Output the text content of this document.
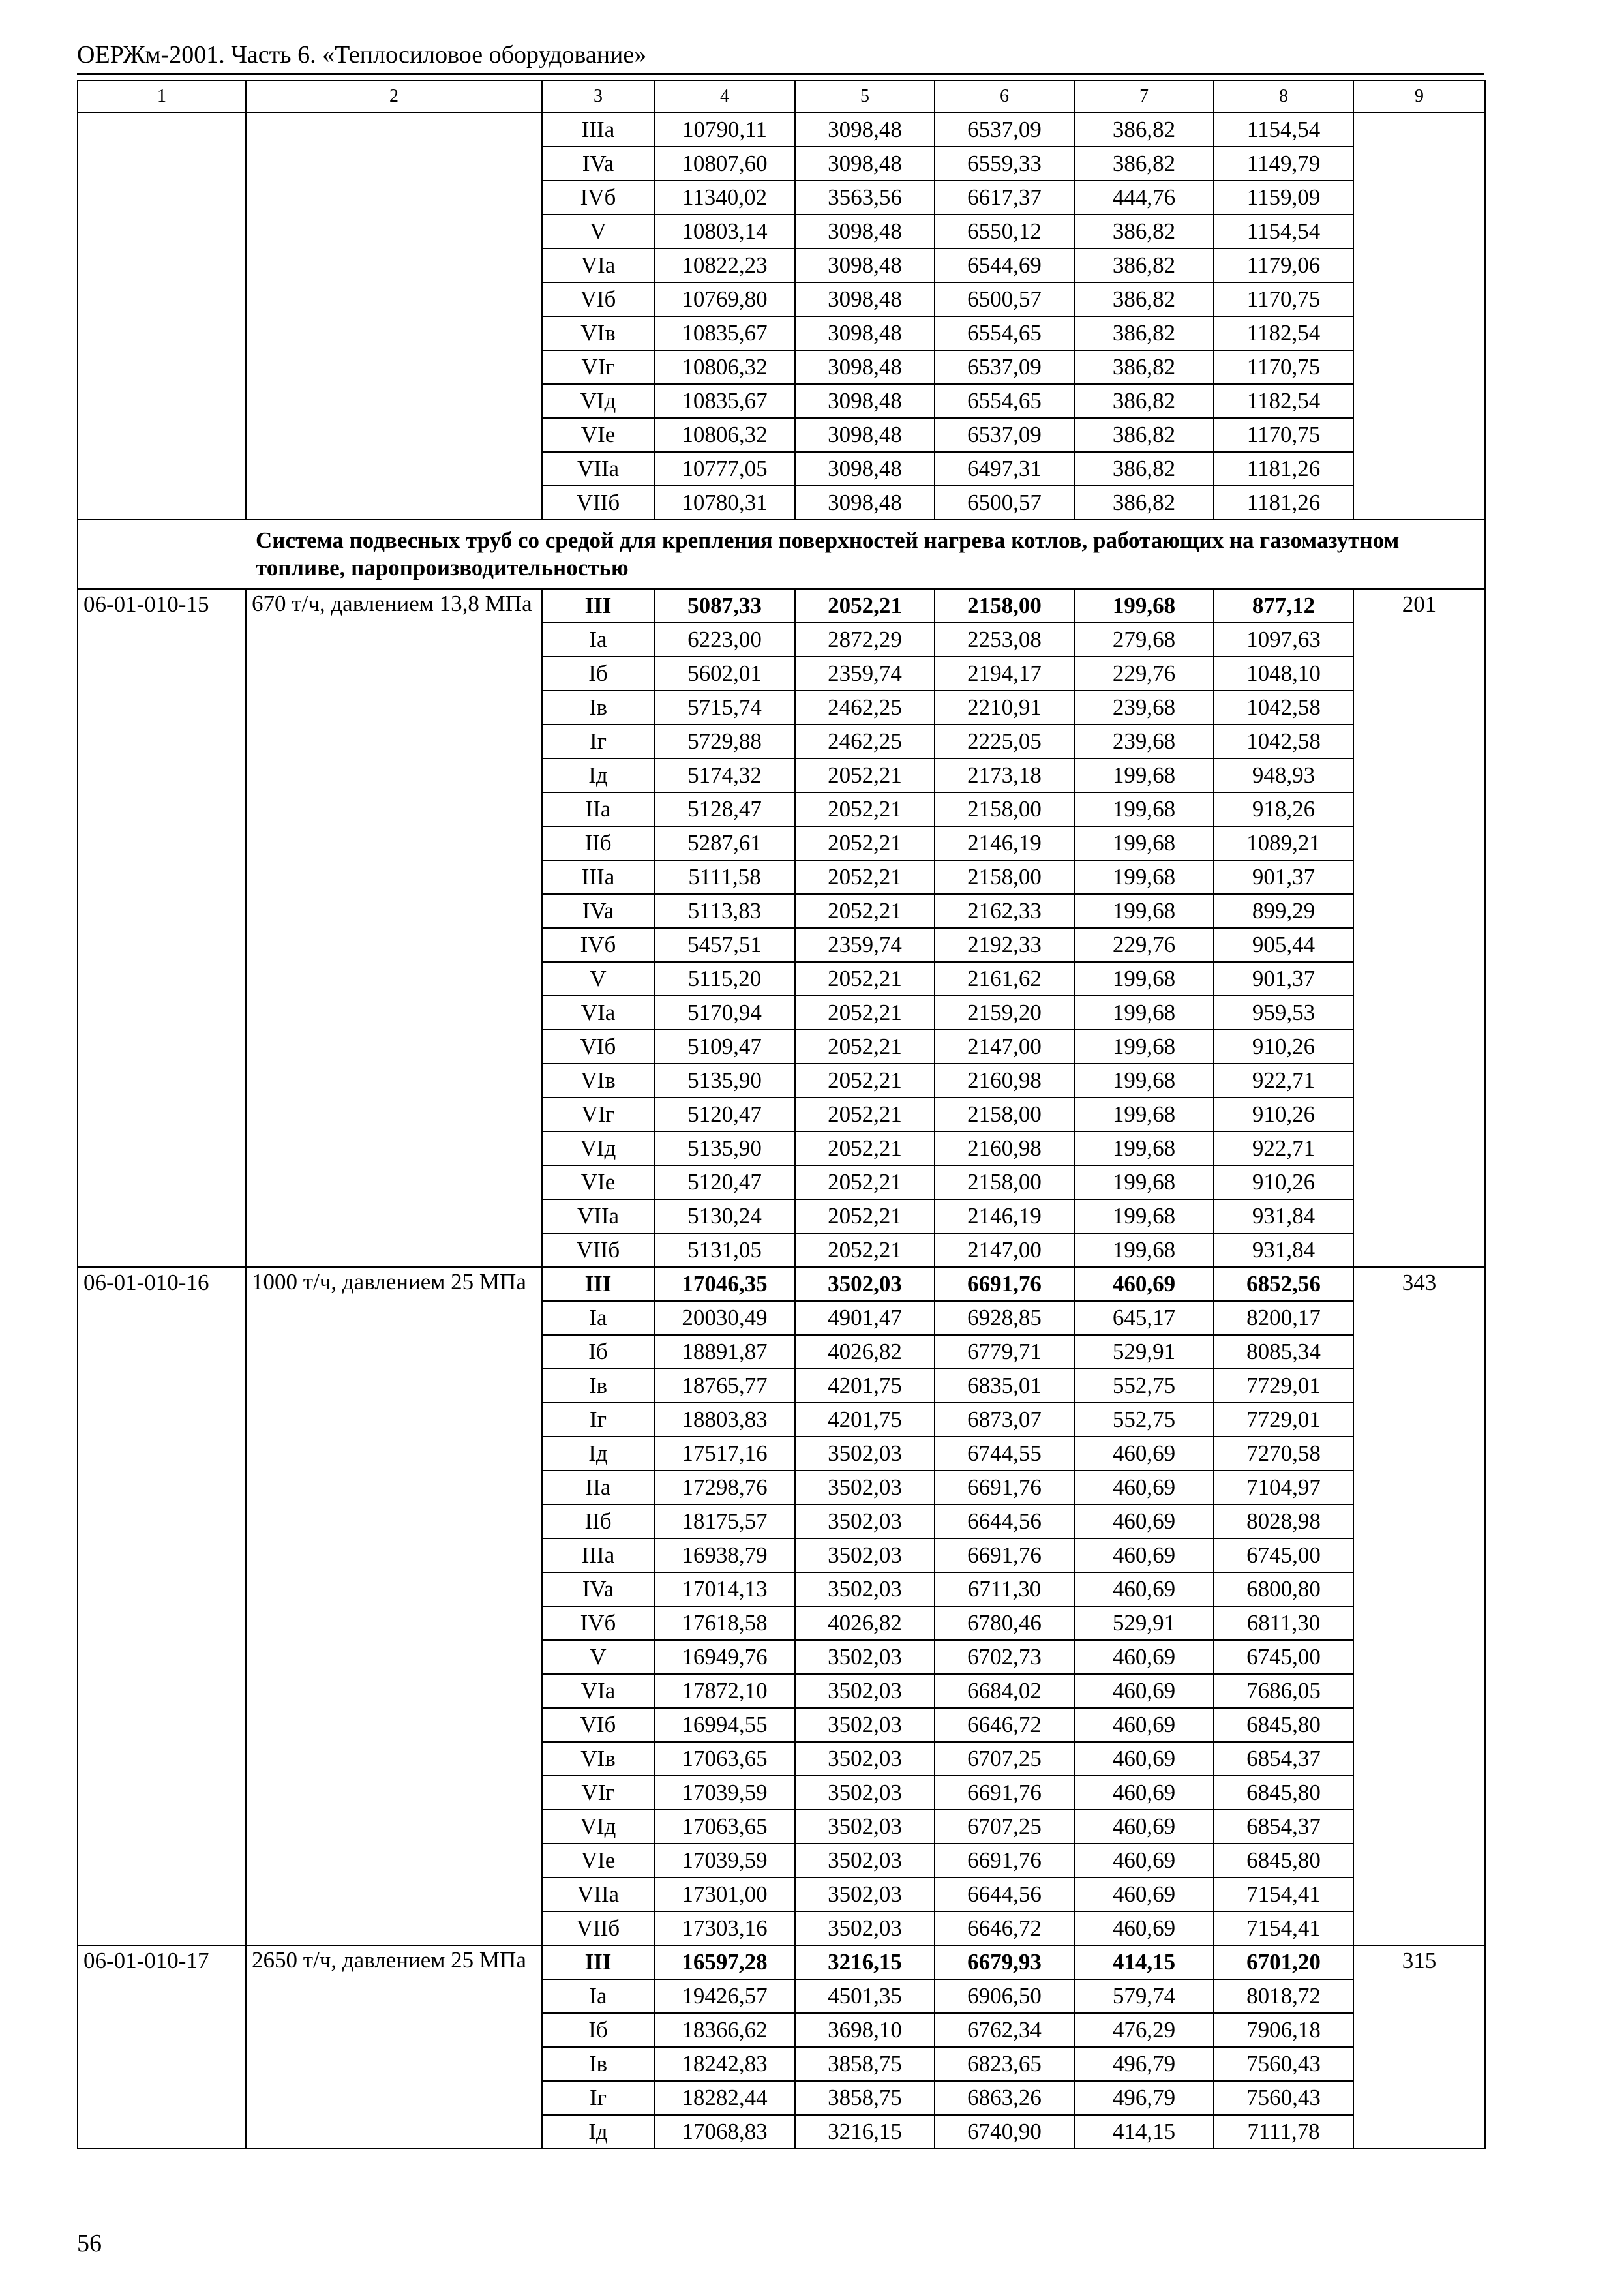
ОЕРЖм-2001. Часть 6. «Теплосиловое оборудование»
1	2	3	4	5	6	7	8	9
		IIIa	10790,11	3098,48	6537,09	386,82	1154,54	
		IVa	10807,60	3098,48	6559,33	386,82	1149,79	
		IVб	11340,02	3563,56	6617,37	444,76	1159,09	
		V	10803,14	3098,48	6550,12	386,82	1154,54	
		VIa	10822,23	3098,48	6544,69	386,82	1179,06	
		VIб	10769,80	3098,48	6500,57	386,82	1170,75	
		VIв	10835,67	3098,48	6554,65	386,82	1182,54	
		VIг	10806,32	3098,48	6537,09	386,82	1170,75	
		VIд	10835,67	3098,48	6554,65	386,82	1182,54	
		VIe	10806,32	3098,48	6537,09	386,82	1170,75	
		VIIa	10777,05	3098,48	6497,31	386,82	1181,26	
		VIIб	10780,31	3098,48	6500,57	386,82	1181,26	
Система подвесных труб со средой для крепления поверхностей нагрева котлов, работающих на газомазутном топливе, паропроизводительностью								
06-01-010-15	670 т/ч, давлением 13,8 МПа	III	5087,33	2052,21	2158,00	199,68	877,12	201
		Ia	6223,00	2872,29	2253,08	279,68	1097,63	
		Iб	5602,01	2359,74	2194,17	229,76	1048,10	
		Iв	5715,74	2462,25	2210,91	239,68	1042,58	
		Iг	5729,88	2462,25	2225,05	239,68	1042,58	
		Iд	5174,32	2052,21	2173,18	199,68	948,93	
		IIa	5128,47	2052,21	2158,00	199,68	918,26	
		IIб	5287,61	2052,21	2146,19	199,68	1089,21	
		IIIa	5111,58	2052,21	2158,00	199,68	901,37	
		IVa	5113,83	2052,21	2162,33	199,68	899,29	
		IVб	5457,51	2359,74	2192,33	229,76	905,44	
		V	5115,20	2052,21	2161,62	199,68	901,37	
		VIa	5170,94	2052,21	2159,20	199,68	959,53	
		VIб	5109,47	2052,21	2147,00	199,68	910,26	
		VIв	5135,90	2052,21	2160,98	199,68	922,71	
		VIг	5120,47	2052,21	2158,00	199,68	910,26	
		VIд	5135,90	2052,21	2160,98	199,68	922,71	
		VIe	5120,47	2052,21	2158,00	199,68	910,26	
		VIIa	5130,24	2052,21	2146,19	199,68	931,84	
		VIIб	5131,05	2052,21	2147,00	199,68	931,84	
06-01-010-16	1000 т/ч, давлением 25 МПа	III	17046,35	3502,03	6691,76	460,69	6852,56	343
		Ia	20030,49	4901,47	6928,85	645,17	8200,17	
		Iб	18891,87	4026,82	6779,71	529,91	8085,34	
		Iв	18765,77	4201,75	6835,01	552,75	7729,01	
		Iг	18803,83	4201,75	6873,07	552,75	7729,01	
		Iд	17517,16	3502,03	6744,55	460,69	7270,58	
		IIa	17298,76	3502,03	6691,76	460,69	7104,97	
		IIб	18175,57	3502,03	6644,56	460,69	8028,98	
		IIIa	16938,79	3502,03	6691,76	460,69	6745,00	
		IVa	17014,13	3502,03	6711,30	460,69	6800,80	
		IVб	17618,58	4026,82	6780,46	529,91	6811,30	
		V	16949,76	3502,03	6702,73	460,69	6745,00	
		VIa	17872,10	3502,03	6684,02	460,69	7686,05	
		VIб	16994,55	3502,03	6646,72	460,69	6845,80	
		VIв	17063,65	3502,03	6707,25	460,69	6854,37	
		VIг	17039,59	3502,03	6691,76	460,69	6845,80	
		VIд	17063,65	3502,03	6707,25	460,69	6854,37	
		VIe	17039,59	3502,03	6691,76	460,69	6845,80	
		VIIa	17301,00	3502,03	6644,56	460,69	7154,41	
		VIIб	17303,16	3502,03	6646,72	460,69	7154,41	
06-01-010-17	2650 т/ч, давлением 25 МПа	III	16597,28	3216,15	6679,93	414,15	6701,20	315
		Ia	19426,57	4501,35	6906,50	579,74	8018,72	
		Iб	18366,62	3698,10	6762,34	476,29	7906,18	
		Iв	18242,83	3858,75	6823,65	496,79	7560,43	
		Iг	18282,44	3858,75	6863,26	496,79	7560,43	
		Iд	17068,83	3216,15	6740,90	414,15	7111,78	
56
